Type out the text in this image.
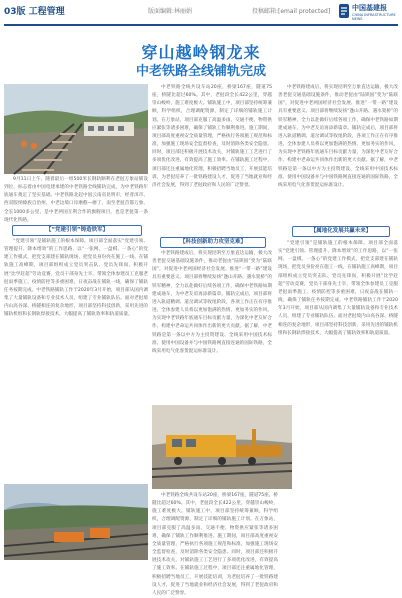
03版 工程管理	版面编辑:林丽娟	投稿邮箱:[email protected]	中国基建报
CHINA INFRASTRUCTURE NEWS
穿山越岭钢龙来
中老铁路全线铺轨完成

9月11日上午，随着最后一组500米长钢轨顺利在老挝万象站铺设到位，标志着由中国电建承建的中老铁路全线铺轨完成，为中老铁路年底通车奠定了坚实基础。中老铁路北起中国云南省昆明市，经普洱市、西双版纳傣族自治州、中老边境口岸磨憨—磨丁，南至老挝首都万象，全长1000多公里，是中老两国互利合作的旗舰项目，也是老挝第一条现代化铁路。

【“党建引领”铸造铁军】

“党建引领”是铺轨施工的根本保障。项目部全面落实“党建引领、管理提升、降本增效”的工作思路，以“一张网、一盘棋、一条心”的党建工作模式，把党支部建在铺轨现场，把党员身份亮在施工一线。在铺轨施工高峰期，项目部组织成立党员突击队、党员先锋岗，积极开展“比学赶超”劳动竞赛，党员干部身先士卒，带领全体参建员工克服老挝雨季施工、疫情防控等多重困难，日夜奋战在铺轨一线，确保了铺轨任务按期完成。中老铁路铺轨工作于2020年3月开始，项目部从国内调集了大量铺轨设备和专业技术人员，组建了专业铺轨队伍。面对老挝境内山高谷深、桥隧相连的复杂地形，项目部坚持科技创新，采用先进的铺轨机组和长钢轨焊接技术，大幅提高了铺轨效率和轨道质量。

中老铁路全线共设车站20座，桥梁167座，隧道75座，桥隧比超过60%。其中，老挝段全长422公里，穿越崇山峻岭，施工难度极大。铺轨施工中，项目部坚持统筹兼顾，科学组织，合理调配资源，制定了详细的铺轨施工计划。在万象站，项目部克服了高温多雨、交通不便、物资供应紧张等诸多困难，确保了铺轨工作顺利推进。施工期间，项目部高度重视安全质量管理，严格执行各项施工规范和标准，加强施工现场安全监督检查，及时消除各类安全隐患。同时，项目部还积极开展技术攻关，对铺轨施工工艺进行了多项优化改进，有效提高了施工效率。在铺轨施工过程中，项目部还注重属地化管理，积极招聘当地员工，开展技能培训，为老挝培养了一批铁路建设人才，促进了当地就业和经济社会发展，得到了老挝政府和人民的广泛赞誉。

【科技创新助力攻坚克难】

中老铁路建成后，将实现昆明至万象直达运输，极大改善老挝交通基础设施条件，推动老挝由“陆锁国”变为“陆联国”，对促进中老两国经济社会发展、推进“一带一路”建设具有重要意义。项目部将继续发扬“逢山开路、遇水架桥”的铁军精神，全力以赴做好后续各项工作，确保中老铁路如期建成通车，为中老友谊再添新篇章。铺轨完成后，项目部将进入轨道精调、道岔调试等收尾阶段，各项工作正在有序推进。全体参建人员将以更加饱满的热情、更加务实的作风，为实现中老铁路年底通车目标贡献力量，为深化中老友好合作、构建中老命运共同体作出新的更大贡献。据了解，中老铁路是第一条以中方为主投资建设、全线采用中国技术标准、使用中国设备并与中国铁路网直接连通的国际铁路，全线采用电气化客货混运标准设计。

中老铁路全线共设车站20座，桥梁167座，隧道75座，桥隧比超过60%。其中，老挝段全长422公里，穿越崇山峻岭，施工难度极大。铺轨施工中，项目部坚持统筹兼顾，科学组织，合理调配资源，制定了详细的铺轨施工计划。在万象站，项目部克服了高温多雨、交通不便、物资供应紧张等诸多困难，确保了铺轨工作顺利推进。施工期间，项目部高度重视安全质量管理，严格执行各项施工规范和标准，加强施工现场安全监督检查，及时消除各类安全隐患。同时，项目部还积极开展技术攻关，对铺轨施工工艺进行了多项优化改进，有效提高了施工效率。在铺轨施工过程中，项目部还注重属地化管理，积极招聘当地员工，开展技能培训，为老挝培养了一批铁路建设人才，促进了当地就业和经济社会发展，得到了老挝政府和人民的广泛赞誉。

中老铁路建成后，将实现昆明至万象直达运输，极大改善老挝交通基础设施条件，推动老挝由“陆锁国”变为“陆联国”，对促进中老两国经济社会发展、推进“一带一路”建设具有重要意义。项目部将继续发扬“逢山开路、遇水架桥”的铁军精神，全力以赴做好后续各项工作，确保中老铁路如期建成通车，为中老友谊再添新篇章。铺轨完成后，项目部将进入轨道精调、道岔调试等收尾阶段，各项工作正在有序推进。全体参建人员将以更加饱满的热情、更加务实的作风，为实现中老铁路年底通车目标贡献力量，为深化中老友好合作、构建中老命运共同体作出新的更大贡献。据了解，中老铁路是第一条以中方为主投资建设、全线采用中国技术标准、使用中国设备并与中国铁路网直接连通的国际铁路，全线采用电气化客货混运标准设计。

【属地化发展共赢未来】

“党建引领”是铺轨施工的根本保障。项目部全面落实“党建引领、管理提升、降本增效”的工作思路，以“一张网、一盘棋、一条心”的党建工作模式，把党支部建在铺轨现场，把党员身份亮在施工一线。在铺轨施工高峰期，项目部组织成立党员突击队、党员先锋岗，积极开展“比学赶超”劳动竞赛，党员干部身先士卒，带领全体参建员工克服老挝雨季施工、疫情防控等多重困难，日夜奋战在铺轨一线，确保了铺轨任务按期完成。中老铁路铺轨工作于2020年3月开始，项目部从国内调集了大量铺轨设备和专业技术人员，组建了专业铺轨队伍。面对老挝境内山高谷深、桥隧相连的复杂地形，项目部坚持科技创新，采用先进的铺轨机组和长钢轨焊接技术，大幅提高了铺轨效率和轨道质量。
